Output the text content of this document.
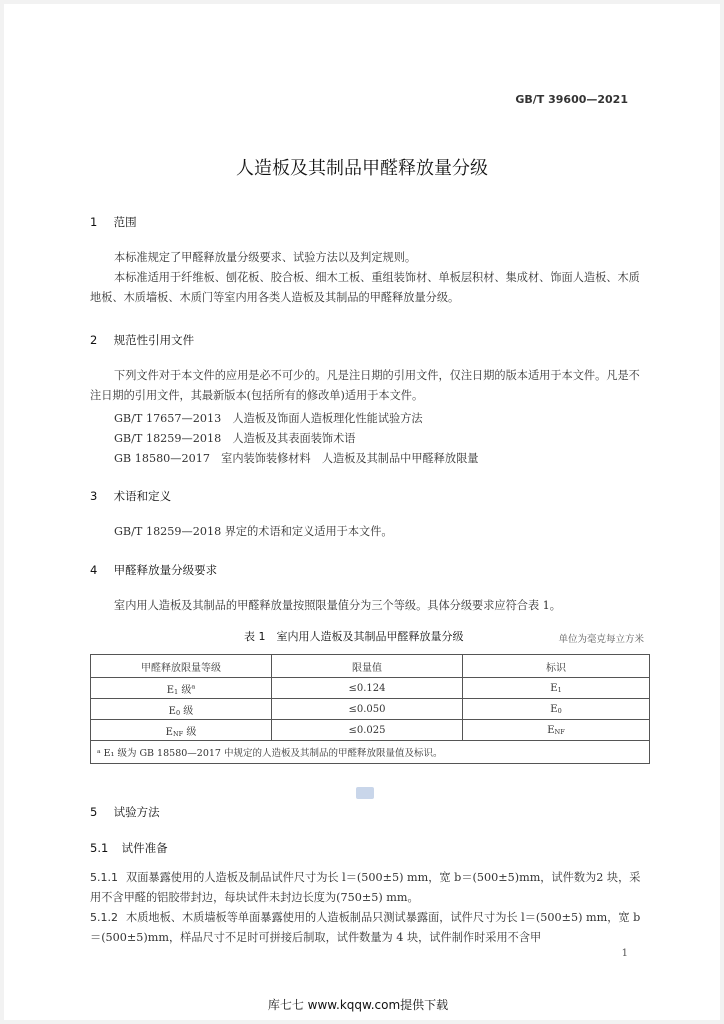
GB/T 39600—2021
人造板及其制品甲醛释放量分级
1 范围
本标准规定了甲醛释放量分级要求、试验方法以及判定规则。
本标准适用于纤维板、刨花板、胶合板、细木工板、重组装饰材、单板层积材、集成材、饰面人造板、木质地板、木质墙板、木质门等室内用各类人造板及其制品的甲醛释放量分级。
2 规范性引用文件
下列文件对于本文件的应用是必不可少的。凡是注日期的引用文件，仅注日期的版本适用于本文件。凡是不注日期的引用文件，其最新版本(包括所有的修改单)适用于本文件。
GB/T 17657—2013　人造板及饰面人造板理化性能试验方法
GB/T 18259—2018　人造板及其表面装饰术语
GB 18580—2017　室内装饰装修材料　人造板及其制品中甲醛释放限量
3 术语和定义
GB/T 18259—2018 界定的术语和定义适用于本文件。
4 甲醛释放量分级要求
室内用人造板及其制品的甲醛释放量按照限量值分为三个等级。具体分级要求应符合表 1。
表 1　室内用人造板及其制品甲醛释放量分级	单位为毫克每立方米
甲醛释放限量等级	限量值	标识
$E_1$ 级$^a$	≤0.124	$E_1$
$E_0$ 级	≤0.050	$E_0$
$E_{NF}$ 级	≤0.025	$E_{NF}$
ᵃ E₁ 级为 GB 18580—2017 中规定的人造板及其制品的甲醛释放限量值及标识。		
5 试验方法
5.1 试件准备
5.1.1 双面暴露使用的人造板及制品试件尺寸为长 l＝(500±5) mm，宽 b＝(500±5)mm，试件数为2 块，采用不含甲醛的铝胶带封边，每块试件未封边长度为(750±5) mm。
5.1.2 木质地板、木质墙板等单面暴露使用的人造板制品只测试暴露面，试件尺寸为长 l＝(500±5) mm，宽 b＝(500±5)mm，样品尺寸不足时可拼接后制取，试件数量为 4 块，试件制作时采用不含甲
1
库七七 www.kqqw.com提供下载
